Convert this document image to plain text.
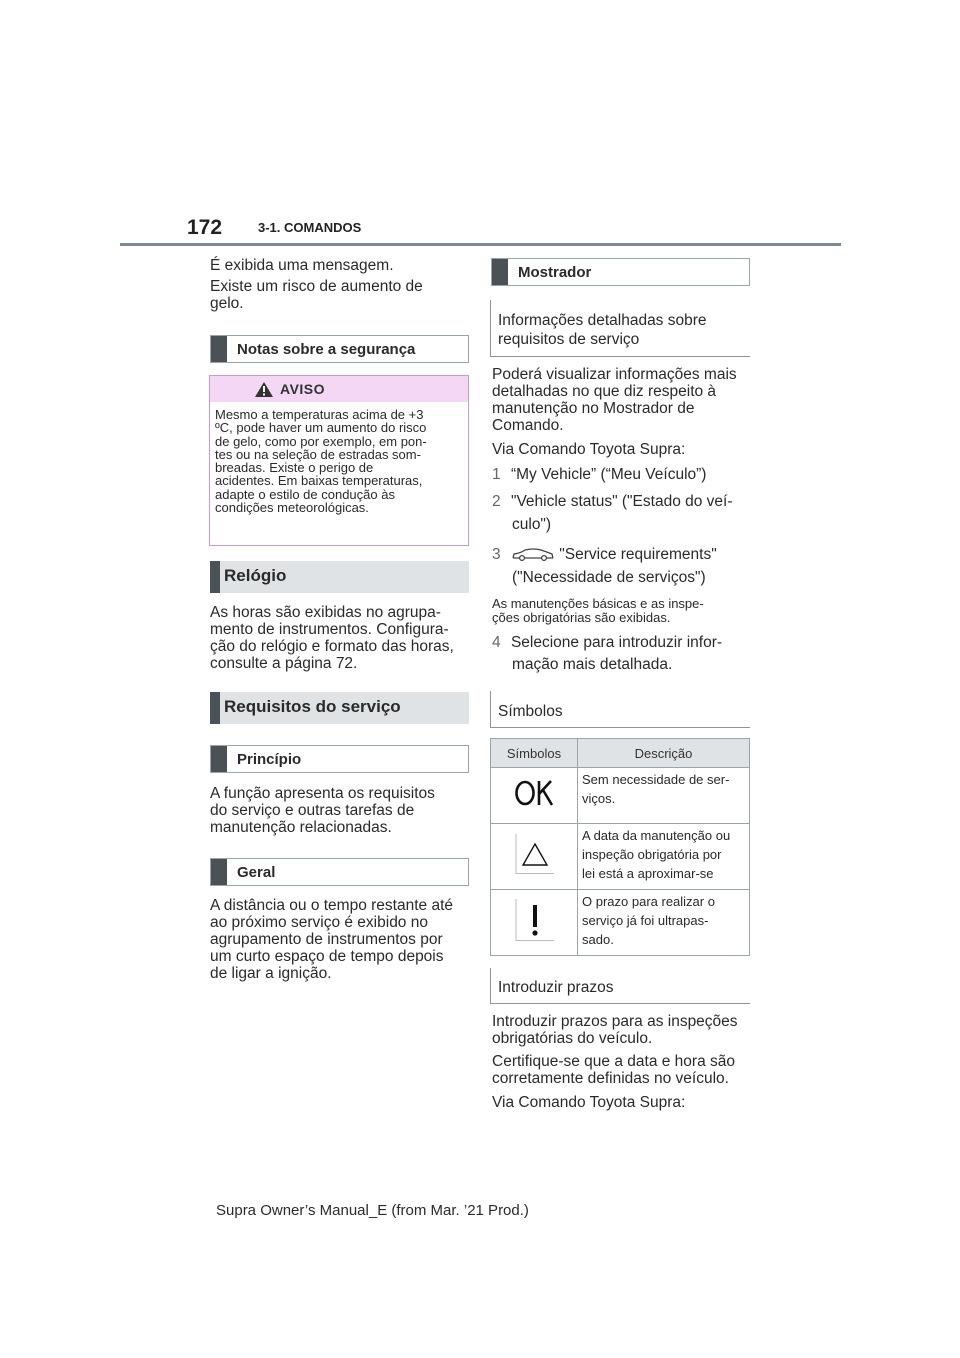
172	3-1. COMANDOS
É exibida uma mensagem.
Existe um risco de aumento de
gelo.
Notas sobre a segurança
AVISO
Mesmo a temperaturas acima de +3
ºC, pode haver um aumento do risco
de gelo, como por exemplo, em pon-
tes ou na seleção de estradas som-
breadas. Existe o perigo de
acidentes. Em baixas temperaturas,
adapte o estilo de condução às
condições meteorológicas.
Relógio
As horas são exibidas no agrupa-
mento de instrumentos. Configura-
ção do relógio e formato das horas,
consulte a página 72.
Requisitos do serviço
Princípio
A função apresenta os requisitos
do serviço e outras tarefas de
manutenção relacionadas.
Geral
A distância ou o tempo restante até
ao próximo serviço é exibido no
agrupamento de instrumentos por
um curto espaço de tempo depois
de ligar a ignição.
Mostrador
Informações detalhadas sobre
requisitos de serviço
Poderá visualizar informações mais
detalhadas no que diz respeito à
manutenção no Mostrador de
Comando.
Via Comando Toyota Supra:
1 “My Vehicle” (“Meu Veículo”)
2 "Vehicle status" ("Estado do veí-
culo")
3	"Service requirements"
("Necessidade de serviços")
As manutenções básicas e as inspe-
ções obrigatórias são exibidas.
4 Selecione para introduzir infor-
mação mais detalhada.
Símbolos
Símbolos	Descrição

Sem necessidade de ser-
viços.

A data da manutenção ou
inspeção obrigatória por
lei está a aproximar-se

O prazo para realizar o
serviço já foi ultrapas-
sado.
Introduzir prazos
Introduzir prazos para as inspeções
obrigatórias do veículo.
Certifique-se que a data e hora são
corretamente definidas no veículo.
Via Comando Toyota Supra:
Supra Owner’s Manual_E (from Mar. ’21 Prod.)
